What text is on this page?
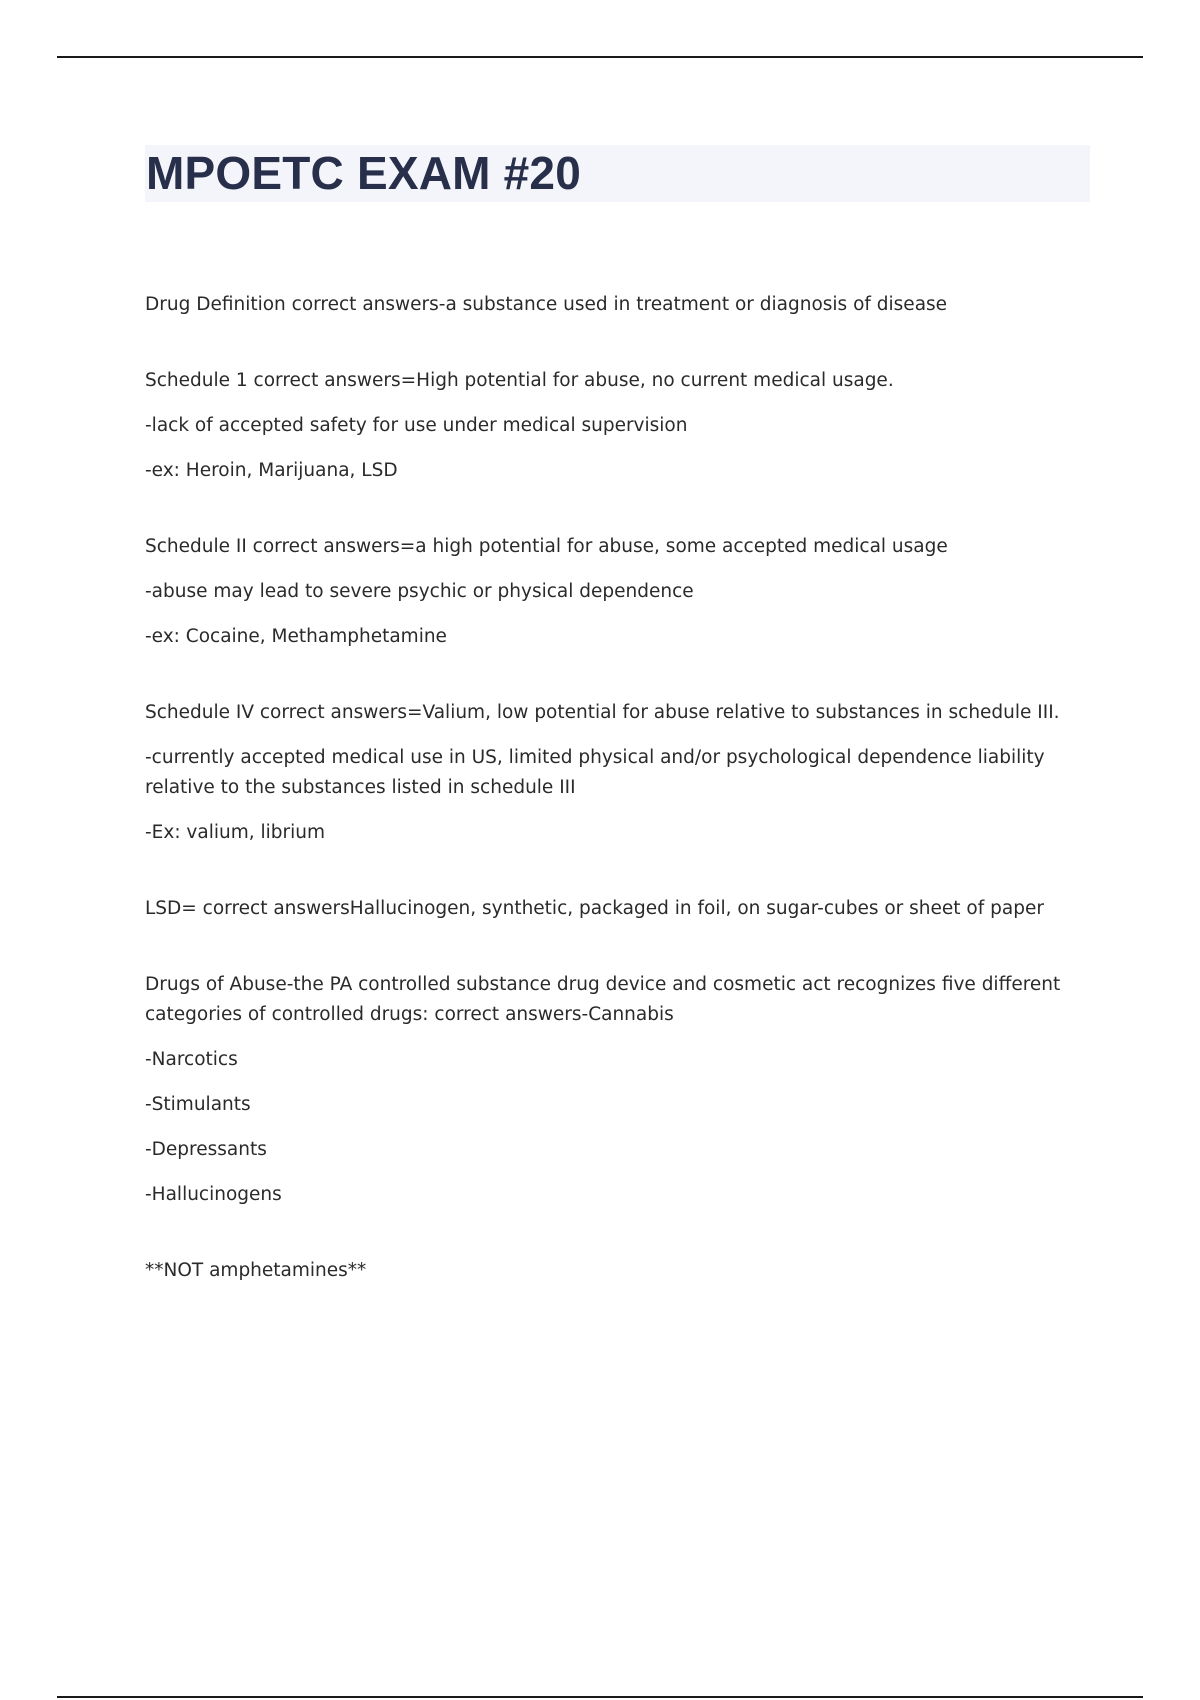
MPOETC EXAM #20

Drug Definition correct answers-a substance used in treatment or diagnosis of disease

Schedule 1 correct answers=High potential for abuse, no current medical usage.

-lack of accepted safety for use under medical supervision

-ex: Heroin, Marijuana, LSD

Schedule II correct answers=a high potential for abuse, some accepted medical usage

-abuse may lead to severe psychic or physical dependence

-ex: Cocaine, Methamphetamine

Schedule IV correct answers=Valium, low potential for abuse relative to substances in schedule III.

-currently accepted medical use in US, limited physical and/or psychological dependence liability relative to the substances listed in schedule III

-Ex: valium, librium

LSD= correct answersHallucinogen, synthetic, packaged in foil, on sugar-cubes or sheet of paper

Drugs of Abuse-the PA controlled substance drug device and cosmetic act recognizes five different categories of controlled drugs: correct answers-Cannabis

-Narcotics

-Stimulants

-Depressants

-Hallucinogens

**NOT amphetamines**
